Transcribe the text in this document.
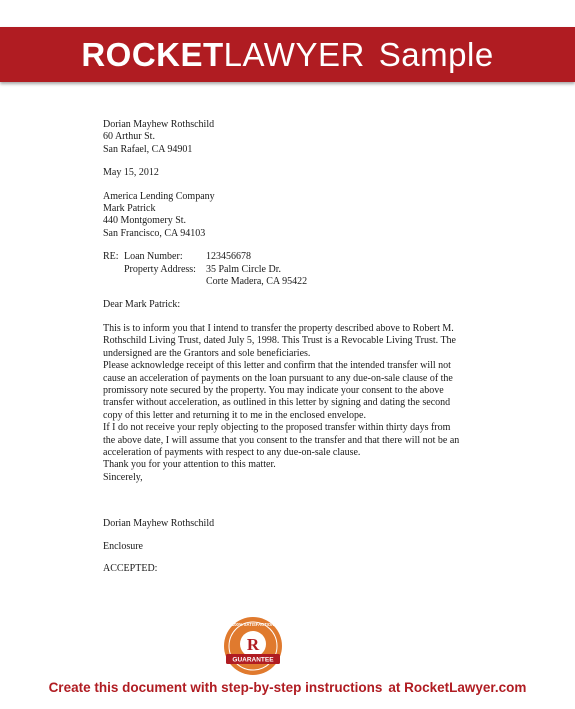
ROCKET LAWYER Sample
Dorian Mayhew Rothschild
60 Arthur St.
San Rafael, CA 94901
May 15, 2012
America Lending Company
Mark Patrick
440 Montgomery St.
San Francisco, CA 94103
RE: Loan Number:	123456678
Property Address:	35 Palm Circle Dr.
Corte Madera, CA 95422
Dear Mark Patrick:

This is to inform you that I intend to transfer the property described above to Robert M. Rothschild Living Trust, dated July 5, 1998. This Trust is a Revocable Living Trust. The undersigned are the Grantors and sole beneficiaries.

Please acknowledge receipt of this letter and confirm that the intended transfer will not cause an acceleration of payments on the loan pursuant to any due-on-sale clause of the promissory note secured by the property. You may indicate your consent to the above transfer without acceleration, as outlined in this letter by signing and dating the second copy of this letter and returning it to me in the enclosed envelope.

If I do not receive your reply objecting to the proposed transfer within thirty days from the above date, I will assume that you consent to the transfer and that there will not be an acceleration of payments with respect to any due-on-sale clause.

Thank you for your attention to this matter.

Sincerely,
Dorian Mayhew Rothschild
Enclosure
ACCEPTED:
R
100% SATISFACTION
GUARANTEE
Create this document with step-by-step instructions at RocketLawyer.com
